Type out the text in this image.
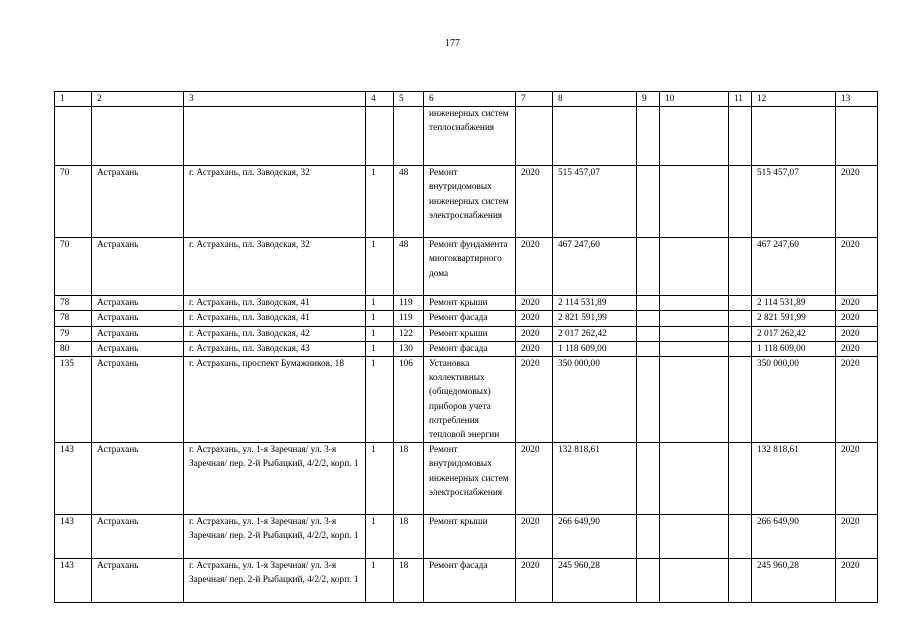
177
1	2	3	4	5	6	7	8	9	10	11	12	13
					инженерных систем теплоснабжения							
70	Астрахань	г. Астрахань, пл. Заводская, 32	1	48	Ремонт внутридомовых инженерных систем электроснабжения	2020	515 457,07				515 457,07	2020
70	Астрахань	г. Астрахань, пл. Заводская, 32	1	48	Ремонт фундамента многоквартирного дома	2020	467 247,60				467 247,60	2020
78	Астрахань	г. Астрахань, пл. Заводская, 41	1	119	Ремонт крыши	2020	2 114 531,89				2 114 531,89	2020
78	Астрахань	г. Астрахань, пл. Заводская, 41	1	119	Ремонт фасада	2020	2 821 591,99				2 821 591,99	2020
79	Астрахань	г. Астрахань, пл. Заводская, 42	1	122	Ремонт крыши	2020	2 017 262,42				2 017 262,42	2020
80	Астрахань	г. Астрахань, пл. Заводская, 43	1	130	Ремонт фасада	2020	1 118 609,00				1 118 609,00	2020
135	Астрахань	г. Астрахань, проспект Бумажников, 18	1	106	Установка коллективных (общедомовых) приборов учета потребления тепловой энергии	2020	350 000,00				350 000,00	2020
143	Астрахань	г. Астрахань, ул. 1-я Заречная/ ул. 3-я Заречная/ пер. 2-й Рыбацкий, 4/2/2, корп. 1	1	18	Ремонт внутридомовых инженерных систем электроснабжения	2020	132 818,61				132 818,61	2020
143	Астрахань	г. Астрахань, ул. 1-я Заречная/ ул. 3-я Заречная/ пер. 2-й Рыбацкий, 4/2/2, корп. 1	1	18	Ремонт крыши	2020	266 649,90				266 649,90	2020
143	Астрахань	г. Астрахань, ул. 1-я Заречная/ ул. 3-я Заречная/ пер. 2-й Рыбацкий, 4/2/2, корп. 1	1	18	Ремонт фасада	2020	245 960,28				245 960,28	2020
